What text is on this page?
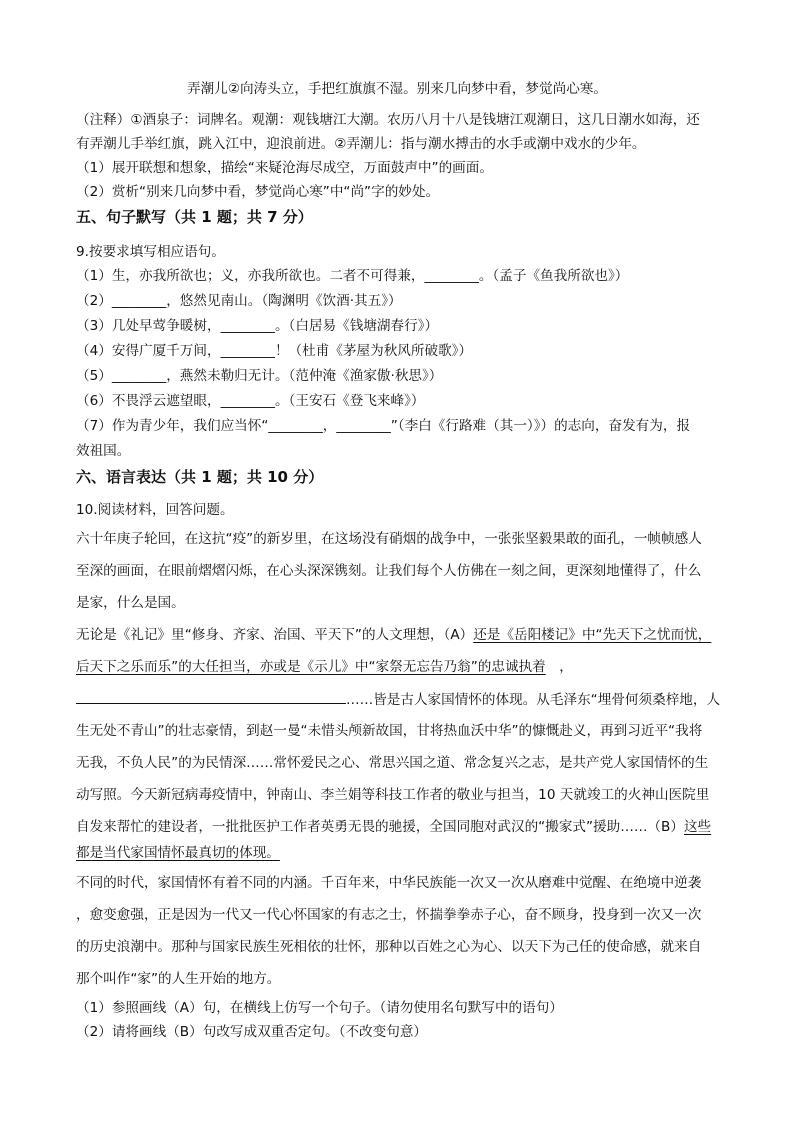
弄潮儿②向涛头立，手把红旗旗不湿。别来几向梦中看，梦觉尚心寒。
（注释）①酒泉子：词牌名。观潮：观钱塘江大潮。农历八月十八是钱塘江观潮日，这几日潮水如海，还
有弄潮儿手举红旗，跳入江中，迎浪前进。②弄潮儿：指与潮水搏击的水手或潮中戏水的少年。
（1）展开联想和想象，描绘“来疑沧海尽成空，万面鼓声中”的画面。
（2）赏析“别来几向梦中看，梦觉尚心寒”中“尚”字的妙处。
五、句子默写（共 1 题；共 7 分）
9.按要求填写相应语句。
（1）生，亦我所欲也；义，亦我所欲也。二者不可得兼，________。（孟子《鱼我所欲也》）
（2）________，悠然见南山。（陶渊明《饮酒·其五》）
（3）几处早莺争暖树，________。（白居易《钱塘湖春行》）
（4）安得广厦千万间，________！（杜甫《茅屋为秋风所破歌》）
（5）________，燕然未勒归无计。（范仲淹《渔家傲·秋思》）
（6）不畏浮云遮望眼，________。（王安石《登飞来峰》）
（7）作为青少年，我们应当怀“________，________”（李白《行路难（其一）》）的志向，奋发有为，报
效祖国。
六、语言表达（共 1 题；共 10 分）
10.阅读材料，回答问题。
六十年庚子轮回，在这抗“疫”的新岁里，在这场没有硝烟的战争中，一张张坚毅果敢的面孔，一帧帧感人
至深的画面，在眼前熠熠闪烁，在心头深深镌刻。让我们每个人仿佛在一刻之间，更深刻地懂得了，什么
是家，什么是国。
无论是《礼记》里“修身、齐家、治国、平天下”的人文理想，（A）还是《岳阳楼记》中“先天下之忧而忧，
后天下之乐而乐”的大任担当，亦或是《示儿》中“家祭无忘告乃翁”的忠诚执着　，
……皆是古人家国情怀的体现。从毛泽东“埋骨何须桑梓地，人
生无处不青山”的壮志豪情，到赵一曼“未惜头颅新故国，甘将热血沃中华”的慷慨赴义，再到习近平“我将
无我，不负人民”的为民情深……常怀爱民之心、常思兴国之道、常念复兴之志，是共产党人家国情怀的生
动写照。今天新冠病毒疫情中，钟南山、李兰娟等科技工作者的敬业与担当，10 天就竣工的火神山医院里
自发来帮忙的建设者，一批批医护工作者英勇无畏的驰援，全国同胞对武汉的“搬家式”援助……（B）这些
都是当代家国情怀最真切的体现。
不同的时代，家国情怀有着不同的内涵。千百年来，中华民族能一次又一次从磨难中觉醒、在绝境中逆袭
，愈变愈强，正是因为一代又一代心怀国家的有志之士，怀揣拳拳赤子心，奋不顾身，投身到一次又一次
的历史浪潮中。那种与国家民族生死相依的壮怀，那种以百姓之心为心、以天下为己任的使命感，就来自
那个叫作“家”的人生开始的地方。
（1）参照画线（A）句，在横线上仿写一个句子。（请勿使用名句默写中的语句）
（2）请将画线（B）句改写成双重否定句。（不改变句意）
